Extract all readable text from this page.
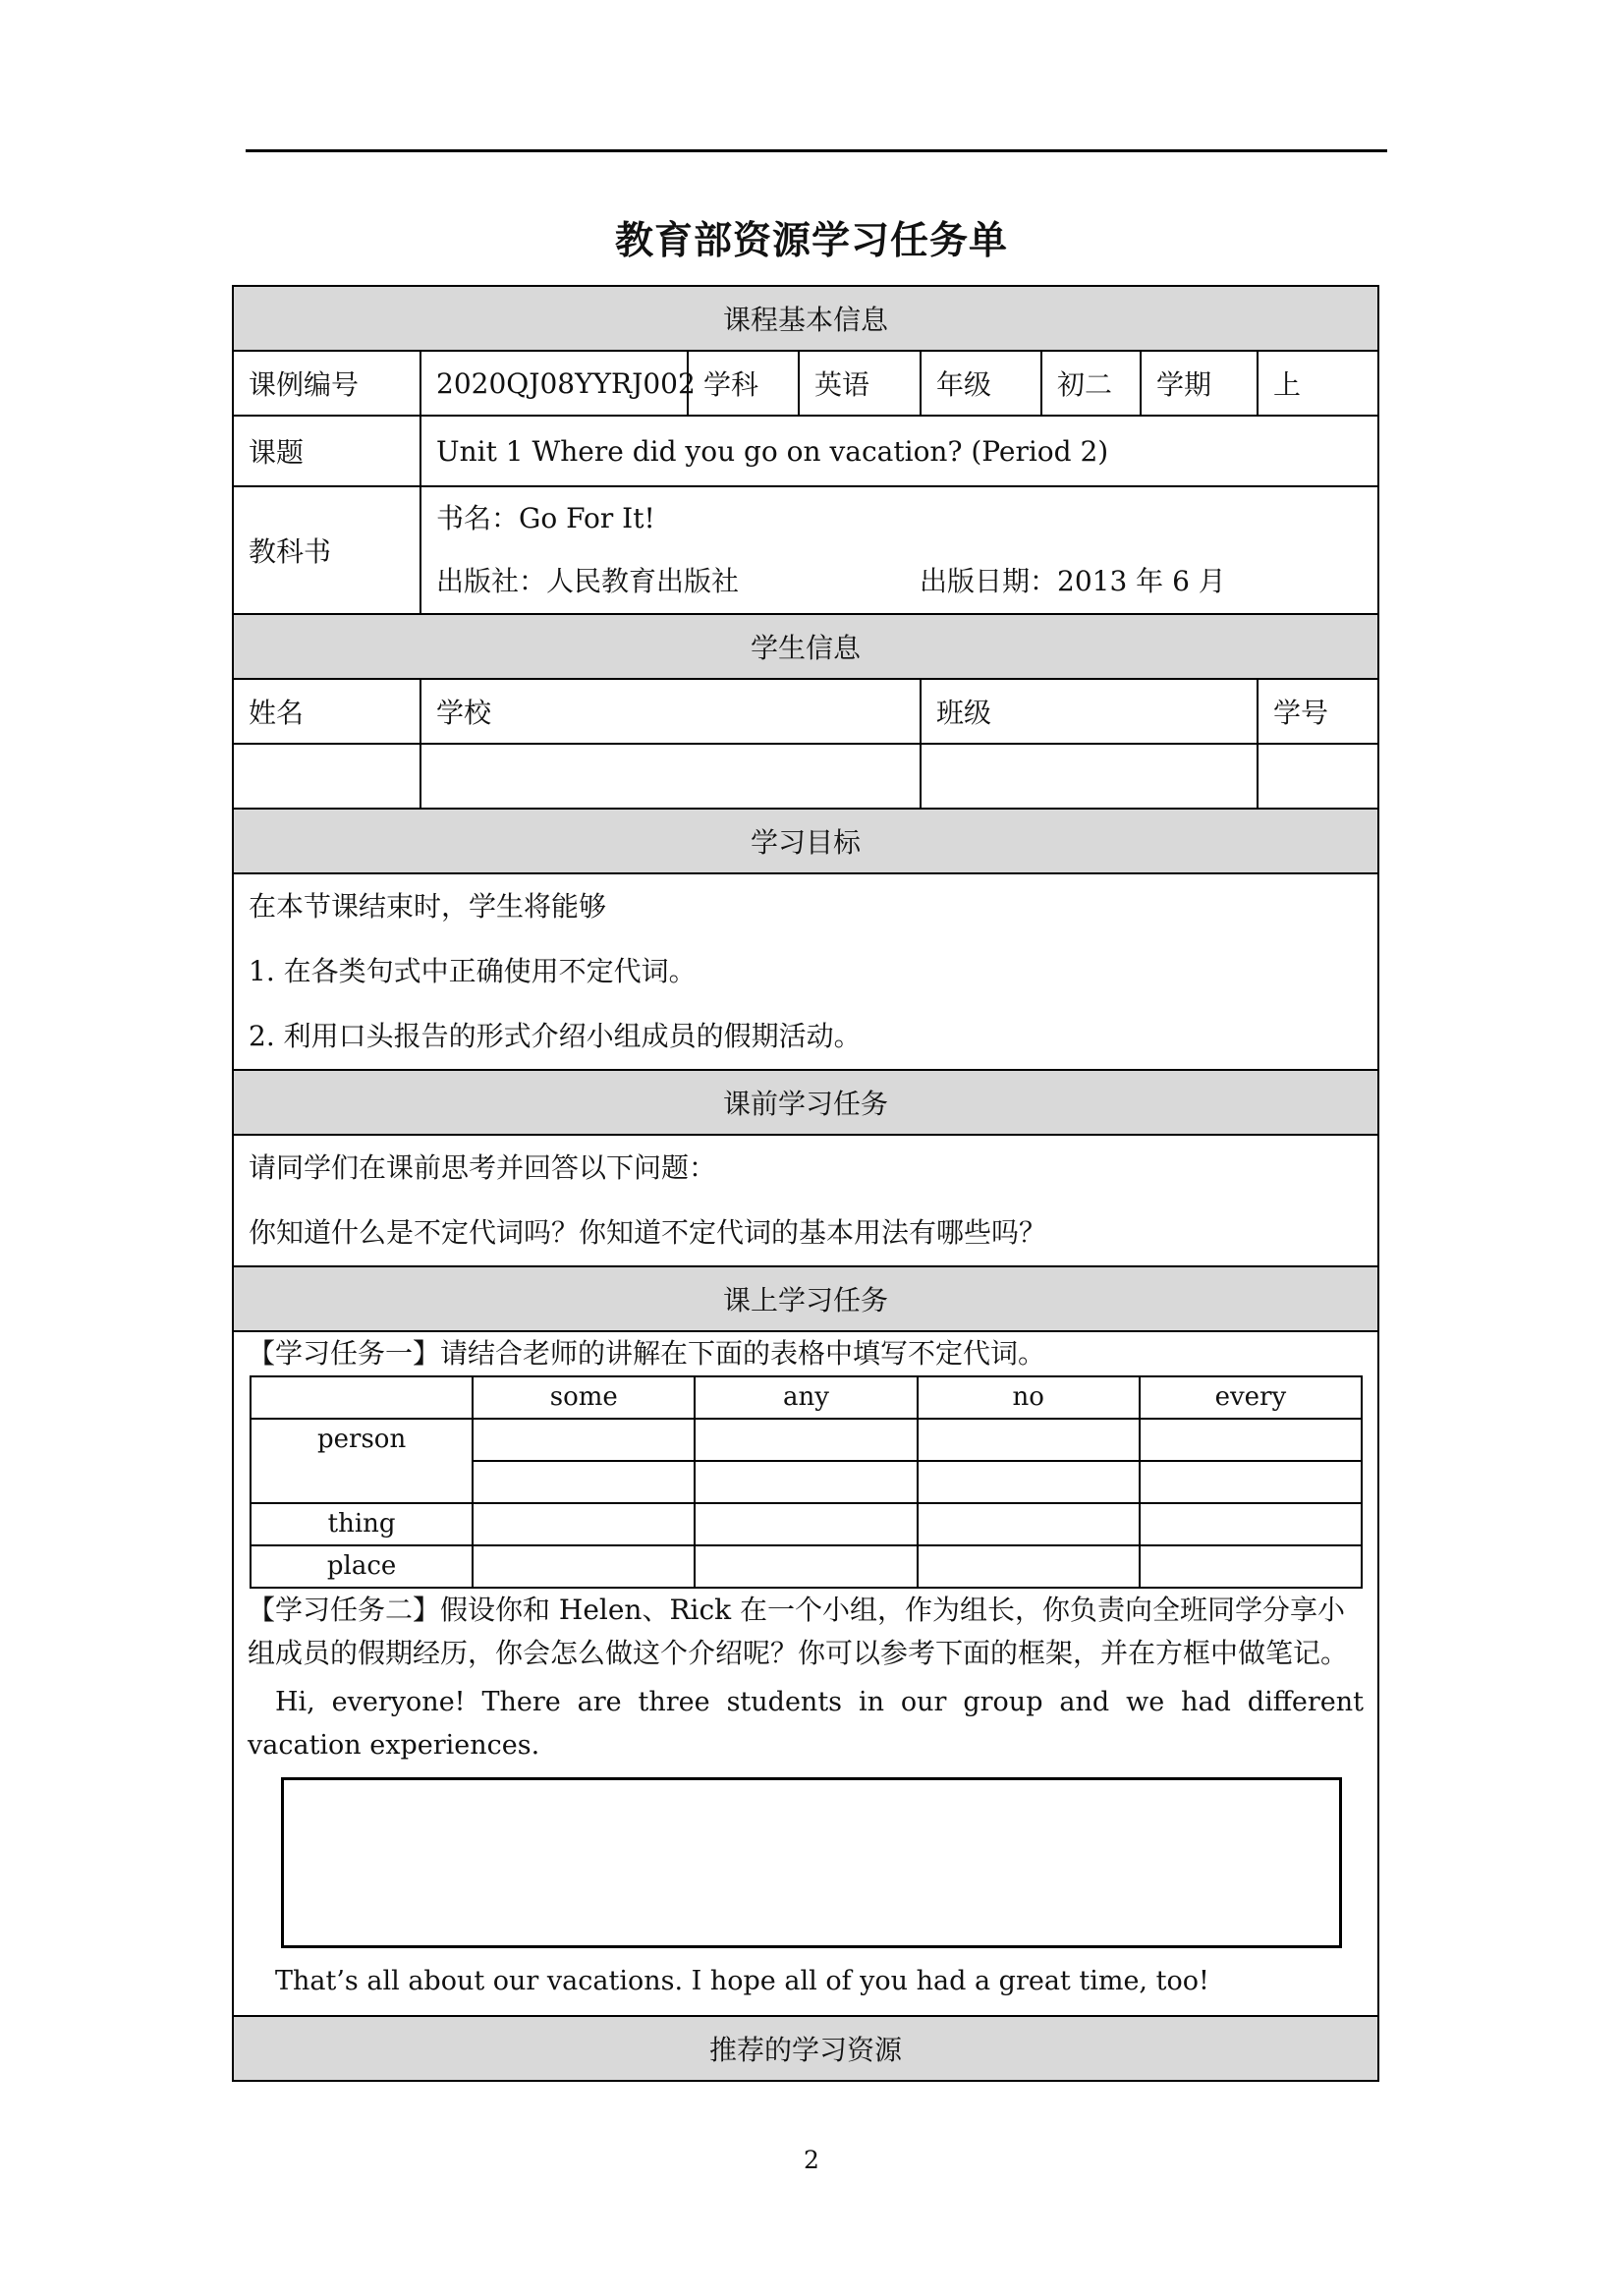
教育部资源学习任务单
课程基本信息
课例编号	2020QJ08YYRJ002	学科	英语	年级	初二	学期	上
课题	Unit 1 Where did you go on vacation? (Period 2)
教科书	
书名：Go For It!
出版社：人民教育出版社	出版日期：2013 年 6 月

学生信息
姓名	学校	班级	学号

学习目标

在本节课结束时，学生将能够

1. 在各类句式中正确使用不定代词。

2. 利用口头报告的形式介绍小组成员的假期活动。

课前学习任务

请同学们在课前思考并回答以下问题：

你知道什么是不定代词吗？你知道不定代词的基本用法有哪些吗？

课上学习任务

【学习任务一】请结合老师的讲解在下面的表格中填写不定代词。
	some	any	no	every
person				

thing				
place				
【学习任务二】假设你和 Helen、Rick 在一个小组，作为组长，你负责向全班同学分享小
组成员的假期经历，你会怎么做这个介绍呢？你可以参考下面的框架，并在方框中做笔记。
Hi, everyone! There are three students in our group and we had different vacation experiences.
That’s all about our vacations. I hope all of you had a great time, too!

推荐的学习资源
2
